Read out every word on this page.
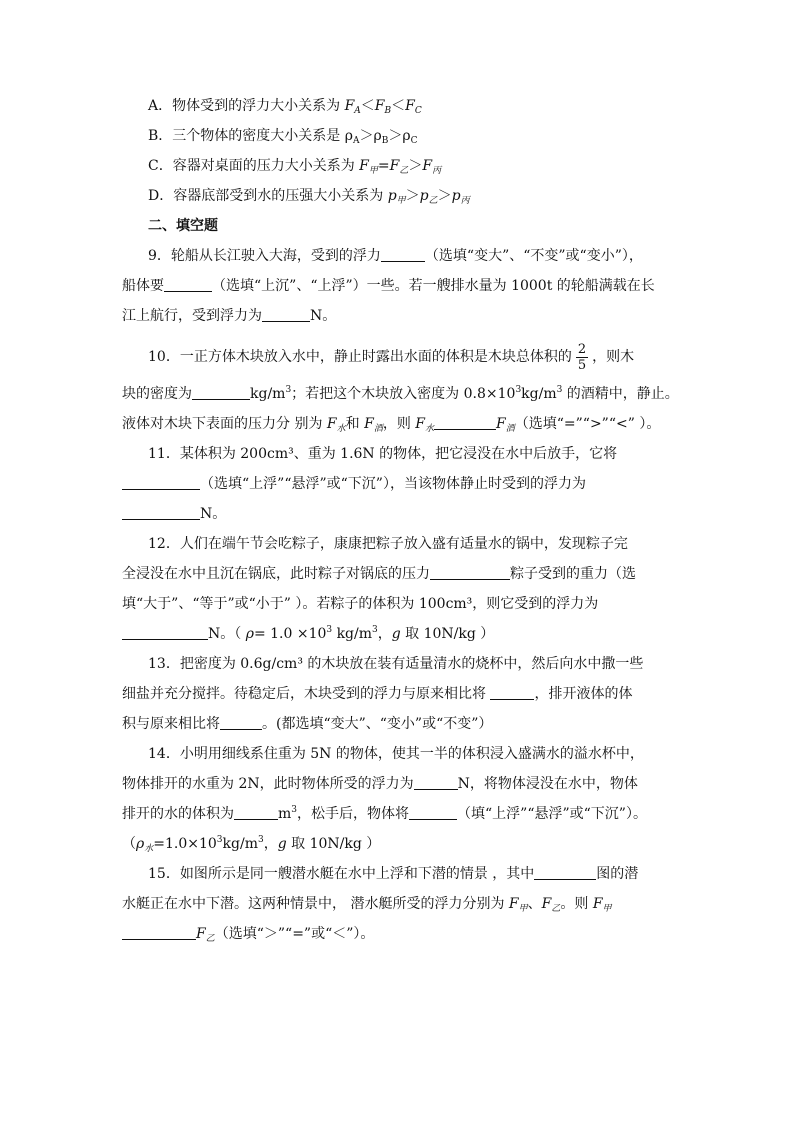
A．物体受到的浮力大小关系为 $F_A<F_B<F_C$
B．三个物体的密度大小关系是 $\rho_A>\rho_B>\rho_C$
C．容器对桌面的压力大小关系为 $F_甲=F_乙>F_丙$
D．容器底部受到水的压强大小关系为 $p_甲>p_乙>p_丙$
二、填空题
9．轮船从长江驶入大海，受到的浮力	（选填“变大”、“不变”或“变小”），
船体要	（选填“上沉”、“上浮”）一些。若一艘排水量为 1000t 的轮船满载在长
江上航行，受到浮力为	N。
10．一正方体木块放入水中，静止时露出水面的体积是木块总体积的 $\frac{2}{5}$ ，则木
块的密度为	$kg/m^3$；若把这个木块放入密度为 $0.8\times 10^3kg/m^3$ 的酒精中，静止。
液体对木块下表面的压力分 别为 $F_水$和 $F_酒$，则 $F_水$	$F_酒$（选填“=”“>”“<” ）。
11．某体积为 200cm³、重为 1.6N 的物体，把它浸没在水中后放手，它将
（选填“上浮”“悬浮”或“下沉”），当该物体静止时受到的浮力为
N。
12．人们在端午节会吃粽子，康康把粽子放入盛有适量水的锅中，发现粽子完
全浸没在水中且沉在锅底，此时粽子对锅底的压力	粽子受到的重力（选
填“大于”、“等于”或“小于” ）。若粽子的体积为 100cm³，则它受到的浮力为
N。（ $\rho= 1.0 \times 10^3$ $kg/m^3$，g 取 10N/kg ）
13．把密度为 0.6g/cm³ 的木块放在装有适量清水的烧杯中，然后向水中撒一些
细盐并充分搅拌。待稳定后，木块受到的浮力与原来相比将	，排开液体的体
积与原来相比将	。(都选填“变大”、“变小”或“不变”）
14．小明用细线系住重为 5N 的物体，使其一半的体积浸入盛满水的溢水杯中，
物体排开的水重为 2N，此时物体所受的浮力为	N，将物体浸没在水中，物体
排开的水的体积为	$m^3$，松手后，物体将	（填“上浮”“悬浮”或“下沉”）。
（$\rho_水=1.0\times 10^3kg/m^3$，g 取 10N/kg ）
15．如图所示是同一艘潜水艇在水中上浮和下潜的情景 ，其中	图的潜
水艇正在水中下潜。这两种情景中， 潜水艇所受的浮力分别为 $F_甲$、$F_乙$。则 $F_甲$
$F_乙$（选填“＞”“=”或“＜”）。
